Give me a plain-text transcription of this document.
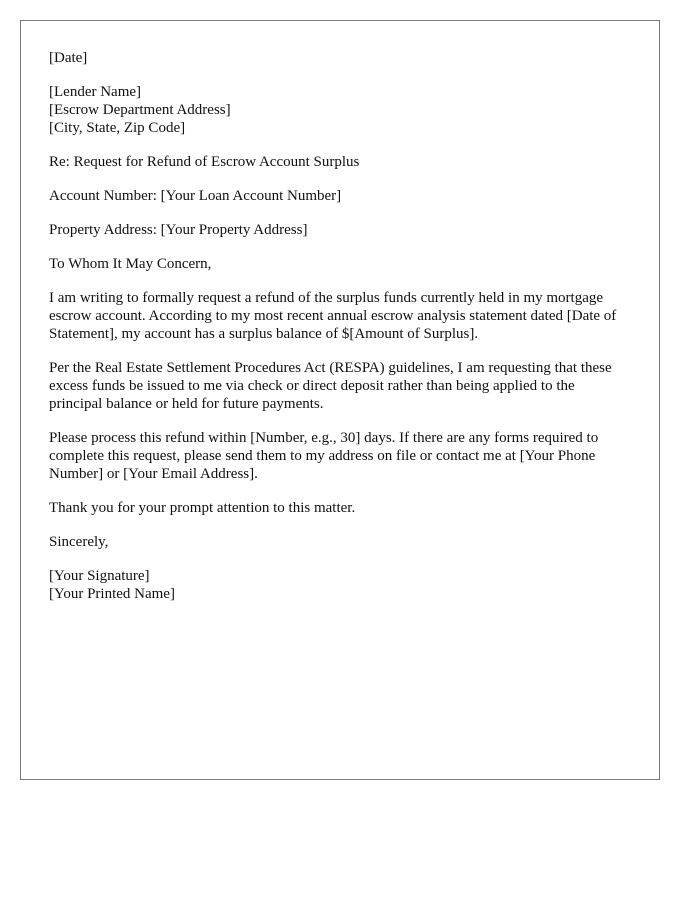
[Date]
[Lender Name]
[Escrow Department Address]
[City, State, Zip Code]
Re: Request for Refund of Escrow Account Surplus
Account Number: [Your Loan Account Number]
Property Address: [Your Property Address]
To Whom It May Concern,

I am writing to formally request a refund of the surplus funds currently held in my mortgage escrow account. According to my most recent annual escrow analysis statement dated [Date of Statement], my account has a surplus balance of $[Amount of Surplus].

Per the Real Estate Settlement Procedures Act (RESPA) guidelines, I am requesting that these excess funds be issued to me via check or direct deposit rather than being applied to the principal balance or held for future payments.

Please process this refund within [Number, e.g., 30] days. If there are any forms required to complete this request, please send them to my address on file or contact me at [Your Phone Number] or [Your Email Address].

Thank you for your prompt attention to this matter.

Sincerely,
[Your Signature]
[Your Printed Name]
